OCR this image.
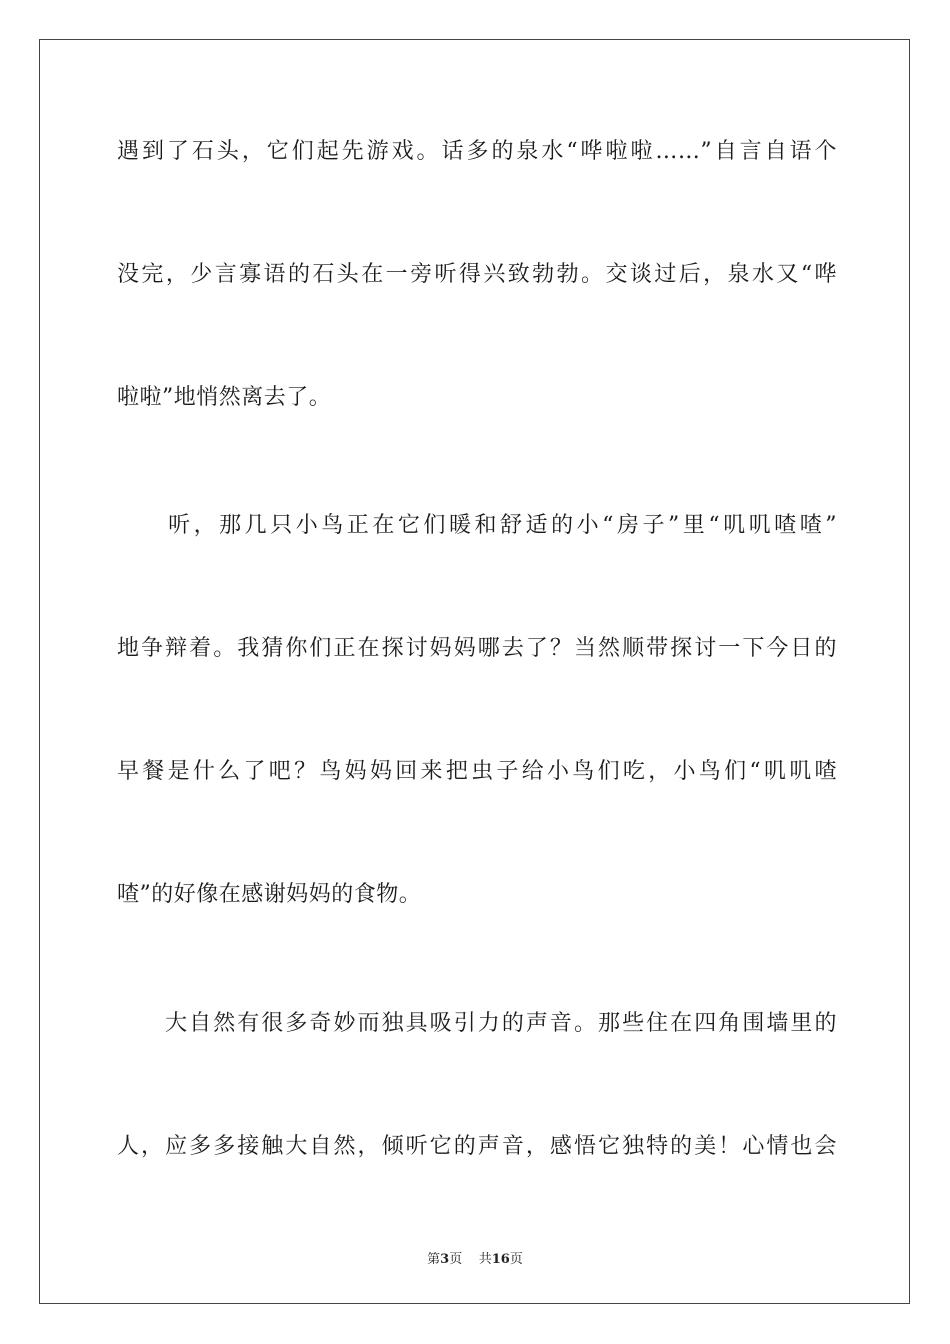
遇到了石头，它们起先游戏。话多的泉水“哗啦啦……”自言自语个
没完，少言寡语的石头在一旁听得兴致勃勃。交谈过后，泉水又“哗
啦啦”地悄然离去了。
　　听，那几只小鸟正在它们暖和舒适的小“房子”里“叽叽喳喳”
地争辩着。我猜你们正在探讨妈妈哪去了？当然顺带探讨一下今日的
早餐是什么了吧？鸟妈妈回来把虫子给小鸟们吃，小鸟们“叽叽喳
喳”的好像在感谢妈妈的食物。
　　大自然有很多奇妙而独具吸引力的声音。那些住在四角围墙里的
人，应多多接触大自然，倾听它的声音，感悟它独特的美！心情也会
第3页 共16页
